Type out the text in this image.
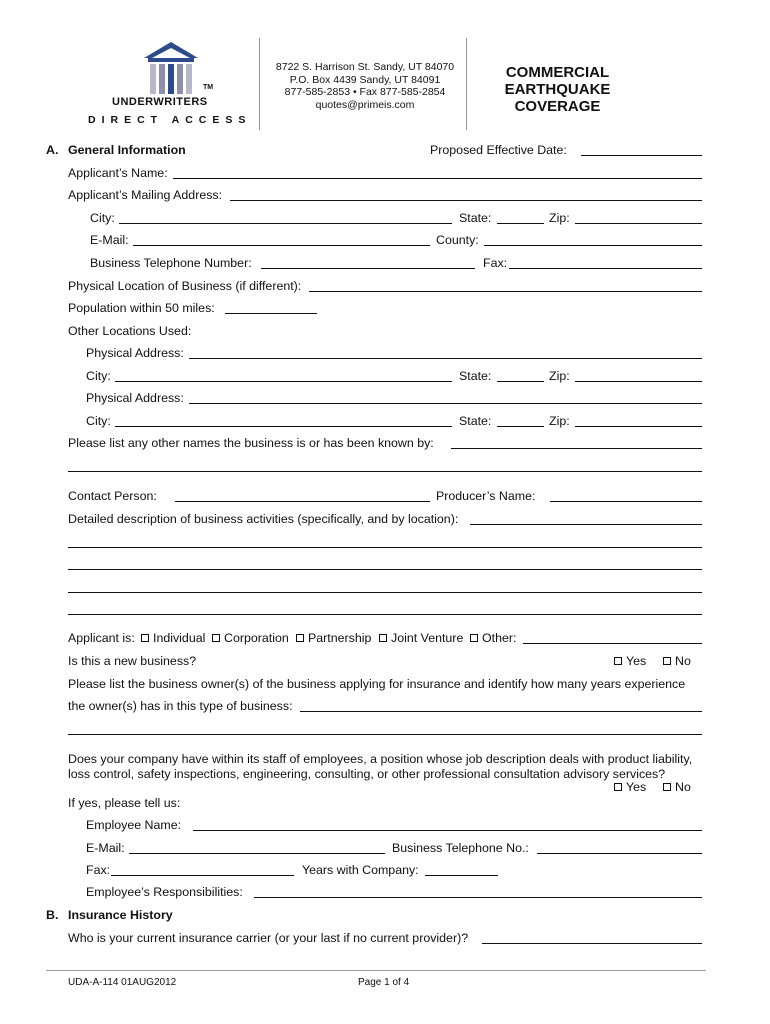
TM
UNDERWRITERS
DIRECT ACCESS
8722 S. Harrison St. Sandy, UT 84070
P.O. Box 4439 Sandy, UT 84091
877-585-2853 • Fax 877-585-2854
quotes@primeis.com
COMMERCIAL
EARTHQUAKE
COVERAGE
A. General Information	Proposed Effective Date:
Applicant’s Name:
Applicant’s Mailing Address:
City:	State:	Zip:
E-Mail:	County:
Business Telephone Number:	Fax:
Physical Location of Business (if different):
Population within 50 miles:
Other Locations Used:
Physical Address:
City:	State:	Zip:
Physical Address:
City:	State:	Zip:
Please list any other names the business is or has been known by:
Contact Person:	Producer’s Name:
Detailed description of business activities (specifically, and by location):
Applicant is:	Individual	Corporation	Partnership	Joint Venture	Other:
Is this a new business?	Yes	No
Please list the business owner(s) of the business applying for insurance and identify how many years experience
the owner(s) has in this type of business:
Does your company have within its staff of employees, a position whose job description deals with product liability, loss control, safety inspections, engineering, consulting, or other professional consultation advisory services?
Yes	No
If yes, please tell us:
Employee Name:
E-Mail:	Business Telephone No.:
Fax:	Years with Company:
Employee’s Responsibilities:
B. Insurance History
Who is your current insurance carrier (or your last if no current provider)?
UDA-A-114 01AUG2012	Page 1 of 4
